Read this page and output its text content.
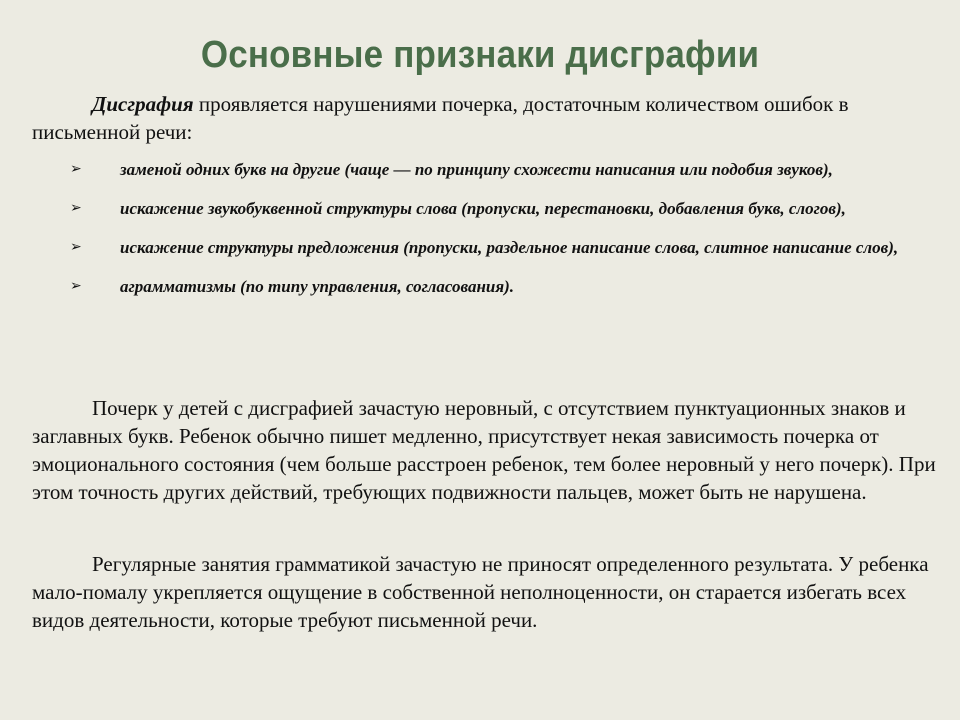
Основные признаки дисграфии
Дисграфия проявляется нарушениями почерка, достаточным количеством ошибок в письменной речи:
➢	заменой одних букв на другие (чаще — по принципу схожести написания или подобия звуков),
➢	искажение звукобуквенной структуры слова (пропуски, перестановки, добавления букв, слогов),
➢	искажение структуры предложения (пропуски, раздельное написание слова, слитное написание слов),
➢	аграмматизмы (по типу управления, согласования).
Почерк у детей с дисграфией зачастую неровный, с отсутствием пунктуационных знаков и заглавных букв. Ребенок обычно пишет медленно, присутствует некая зависимость почерка от эмоционального состояния (чем больше расстроен ребенок, тем более неровный у него почерк). При этом точность других действий, требующих подвижности пальцев, может быть не нарушена.
Регулярные занятия грамматикой зачастую не приносят определенного результата. У ребенка мало-помалу укрепляется ощущение в собственной неполноценности, он старается избегать всех видов деятельности, которые требуют письменной речи.
